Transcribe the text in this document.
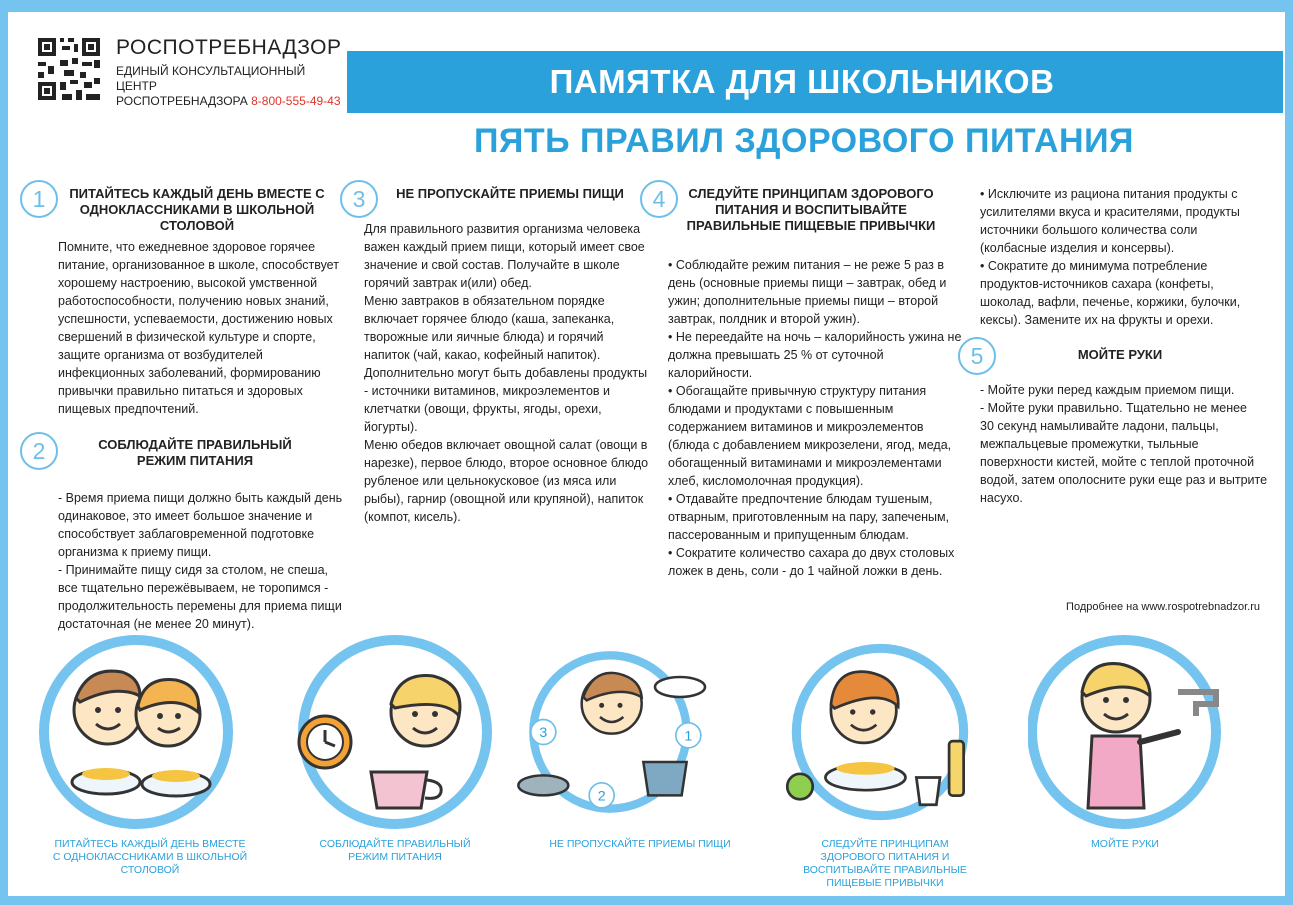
РОСПОТРЕБНАДЗОР
ЕДИНЫЙ КОНСУЛЬТАЦИОННЫЙ ЦЕНТР
РОСПОТРЕБНАДЗОРА 8-800-555-49-43
ПАМЯТКА ДЛЯ ШКОЛЬНИКОВ
ПЯТЬ ПРАВИЛ ЗДОРОВОГО ПИТАНИЯ
1	ПИТАЙТЕСЬ КАЖДЫЙ ДЕНЬ ВМЕСТЕ С ОДНОКЛАССНИКАМИ В ШКОЛЬНОЙ СТОЛОВОЙ
Помните, что ежедневное здоровое горячее
питание, организованное в школе, способствует
хорошему настроению, высокой умственной
работоспособности, получению новых знаний,
успешности, успеваемости, достижению новых
свершений в физической культуре и спорте,
защите организма от возбудителей
инфекционных заболеваний, формированию
привычки правильно питаться и здоровых
пищевых предпочтений.
2	СОБЛЮДАЙТЕ ПРАВИЛЬНЫЙ РЕЖИМ ПИТАНИЯ
- Время приема пищи должно быть каждый день
одинаковое, это имеет большое значение и
способствует заблаговременной подготовке
организма к приему пищи.
- Принимайте пищу сидя за столом, не спеша,
все тщательно пережёвываем, не торопимся -
продолжительность перемены для приема пищи
достаточная (не менее 20 минут).
3	НЕ ПРОПУСКАЙТЕ ПРИЕМЫ ПИЩИ
Для правильного развития организма человека
важен каждый прием пищи, который имеет свое
значение и свой состав. Получайте в школе
горячий завтрак и(или) обед.
Меню завтраков в обязательном порядке
включает горячее блюдо (каша, запеканка,
творожные или яичные блюда) и горячий
напиток (чай, какао, кофейный напиток).
Дополнительно могут быть добавлены продукты
- источники витаминов, микроэлементов и
клетчатки (овощи, фрукты, ягоды, орехи,
йогурты).
Меню обедов включает овощной салат (овощи в
нарезке), первое блюдо, второе основное блюдо
рубленое или цельнокусковое (из мяса или
рыбы), гарнир (овощной или крупяной), напиток
(компот, кисель).
4	СЛЕДУЙТЕ ПРИНЦИПАМ ЗДОРОВОГО ПИТАНИЯ И ВОСПИТЫВАЙТЕ ПРАВИЛЬНЫЕ ПИЩЕВЫЕ ПРИВЫЧКИ
• Соблюдайте режим питания – не реже 5 раз в
день (основные приемы пищи – завтрак, обед и
ужин; дополнительные приемы пищи – второй
завтрак, полдник и второй ужин).
• Не переедайте на ночь – калорийность ужина не
должна превышать 25 % от суточной
калорийности.
• Обогащайте привычную структуру питания
блюдами и продуктами с повышенным
содержанием витаминов и микроэлементов
(блюда с добавлением микрозелени, ягод, меда,
обогащенный витаминами и микроэлементами
хлеб, кисломолочная продукция).
• Отдавайте предпочтение блюдам тушеным,
отварным, приготовленным на пару, запеченым,
пассерованным и припущенным блюдам.
• Сократите количество сахара до двух столовых
ложек в день, соли - до 1 чайной ложки в день.
• Исключите из рациона питания продукты с
усилителями вкуса и красителями, продукты
источники большого количества соли
(колбасные изделия и консервы).
• Сократите до минимума потребление
продуктов-источников сахара (конфеты,
шоколад, вафли, печенье, коржики, булочки,
кексы). Замените их на фрукты и орехи.
5	МОЙТЕ РУКИ
- Мойте руки перед каждым приемом пищи.
- Мойте руки правильно. Тщательно не менее
30 секунд намыливайте ладони, пальцы,
межпальцевые промежутки, тыльные
поверхности кистей, мойте с теплой проточной
водой, затем ополосните руки еще раз и вытрите
насухо.
Подробнее на www.rospotrebnadzor.ru
3
2
1
ПИТАЙТЕСЬ КАЖДЫЙ ДЕНЬ ВМЕСТЕ С ОДНОКЛАССНИКАМИ В ШКОЛЬНОЙ СТОЛОВОЙ
СОБЛЮДАЙТЕ ПРАВИЛЬНЫЙ РЕЖИМ ПИТАНИЯ
НЕ ПРОПУСКАЙТЕ ПРИЕМЫ ПИЩИ	СЛЕДУЙТЕ ПРИНЦИПАМ ЗДОРОВОГО ПИТАНИЯ И ВОСПИТЫВАЙТЕ ПРАВИЛЬНЫЕ ПИЩЕВЫЕ ПРИВЫЧКИ
МОЙТЕ РУКИ
